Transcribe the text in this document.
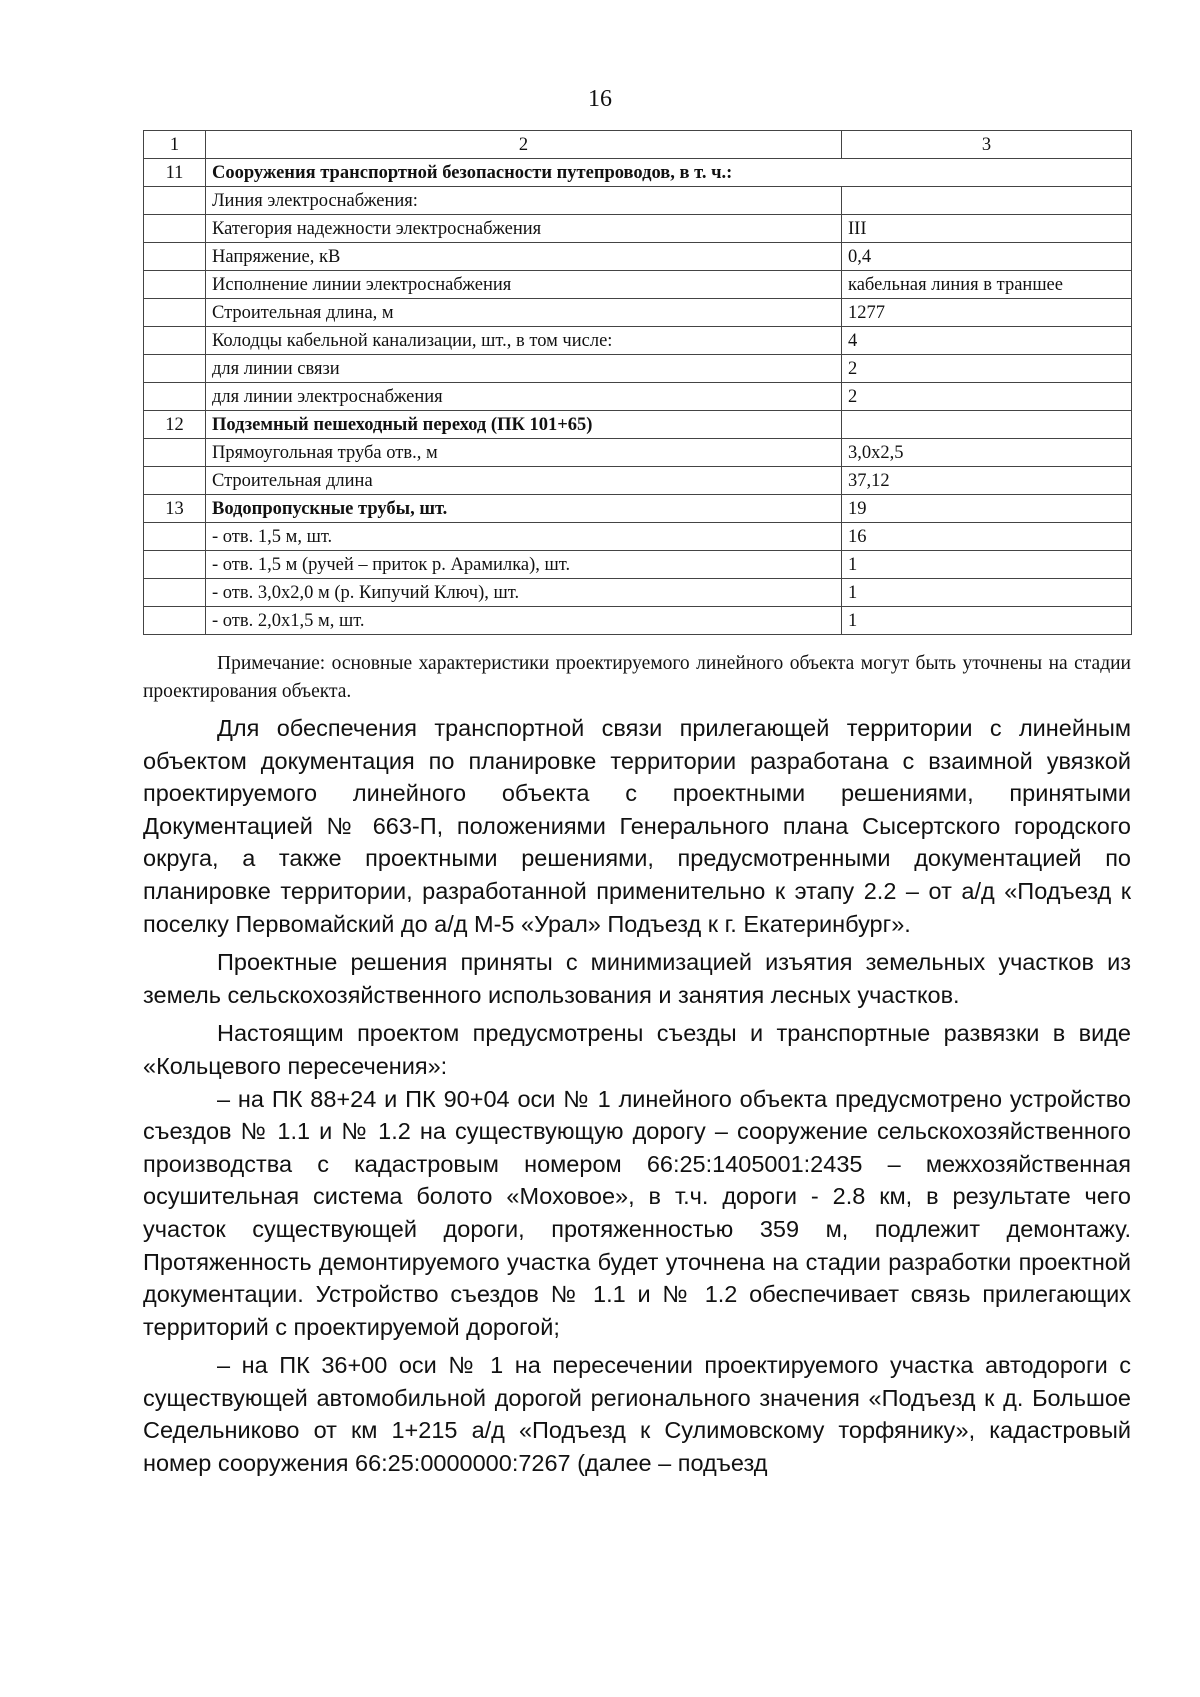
16
1	2	3
11	Сооружения транспортной безопасности путепроводов, в т. ч.:	
	Линия электроснабжения:	
	Категория надежности электроснабжения	III
	Напряжение, кВ	0,4
	Исполнение линии электроснабжения	кабельная линия в траншее
	Строительная длина, м	1277
	Колодцы кабельной канализации, шт., в том числе:	4
	для линии связи	2
	для линии электроснабжения	2
12	Подземный пешеходный переход (ПК 101+65)	
	Прямоугольная труба отв., м	3,0х2,5
	Строительная длина	37,12
13	Водопропускные трубы, шт.	19
	- отв. 1,5 м, шт.	16
	- отв. 1,5 м (ручей – приток р. Арамилка), шт.	1
	- отв. 3,0х2,0 м (р. Кипучий Ключ), шт.	1
	- отв. 2,0х1,5 м, шт.	1

Примечание: основные характеристики проектируемого линейного объекта могут быть уточнены на стадии проектирования объекта.

Для обеспечения транспортной связи прилегающей территории с линейным объектом документация по планировке территории разработана с взаимной увязкой проектируемого линейного объекта с проектными решениями, принятыми Документацией № 663-П, положениями Генерального плана Сысертского городского округа, а также проектными решениями, предусмотренными документацией по планировке территории, разработанной применительно к этапу 2.2 – от а/д «Подъезд к поселку Первомайский до а/д М-5 «Урал» Подъезд к г. Екатеринбург».

Проектные решения приняты с минимизацией изъятия земельных участков из земель сельскохозяйственного использования и занятия лесных участков.

Настоящим проектом предусмотрены съезды и транспортные развязки в виде «Кольцевого пересечения»:

– на ПК 88+24 и ПК 90+04 оси № 1 линейного объекта предусмотрено устройство съездов № 1.1 и № 1.2 на существующую дорогу – сооружение сельскохозяйственного производства с кадастровым номером 66:25:1405001:2435 – межхозяйственная осушительная система болото «Моховое», в т.ч. дороги - 2.8 км, в результате чего участок существующей дороги, протяженностью 359 м, подлежит демонтажу. Протяженность демонтируемого участка будет уточнена на стадии разработки проектной документации. Устройство съездов № 1.1 и № 1.2 обеспечивает связь прилегающих территорий с проектируемой дорогой;

– на ПК 36+00 оси № 1 на пересечении проектируемого участка автодороги с существующей автомобильной дорогой регионального значения «Подъезд к д. Большое Седельниково от км 1+215 а/д «Подъезд к Сулимовскому торфянику», кадастровый номер сооружения 66:25:0000000:7267 (далее – подъезд
